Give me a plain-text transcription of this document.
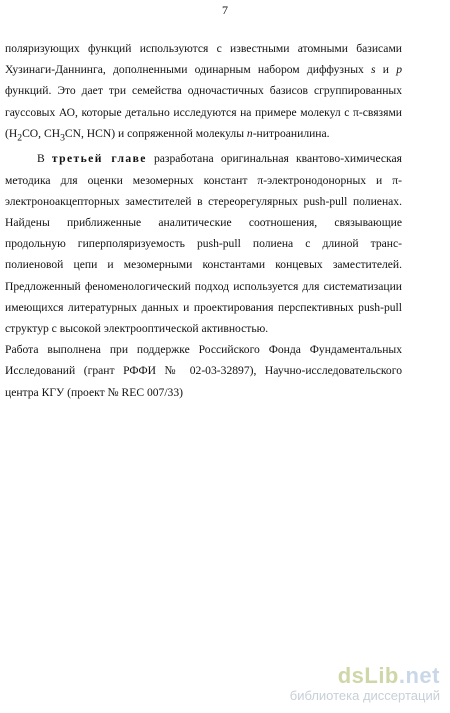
7

поляризующих функций используются с известными атомными базисами Хузинаги-Даннинга, дополненными одинарным набором диффузных s и p функций. Это дает три семейства одночастичных базисов сгруппированных гауссовых АО, которые детально исследуются на примере молекул с π-связями ($H_2CO$, $CH_3CN$, HCN) и сопряженной молекулы n-нитроанилина.

В третьей главе разработана оригинальная квантово-химическая методика для оценки мезомерных констант π-электронодонорных и π-электроноакцепторных заместителей в стереорегулярных push-pull полиенах. Найдены приближенные аналитические соотношения, связывающие продольную гиперполяризуемость push-pull полиена с длиной транс-полиеновой цепи и мезомерными константами концевых заместителей. Предложенный феноменологический подход используется для систематизации имеющихся литературных данных и проектирования перспективных push-pull структур с высокой электрооптической активностью.

Работа выполнена при поддержке Российского Фонда Фундаментальных Исследований (грант РФФИ № 02-03-32897), Научно-исследовательского центра КГУ (проект № REC 007/33)

dsLib.net
библиотека диссертаций
